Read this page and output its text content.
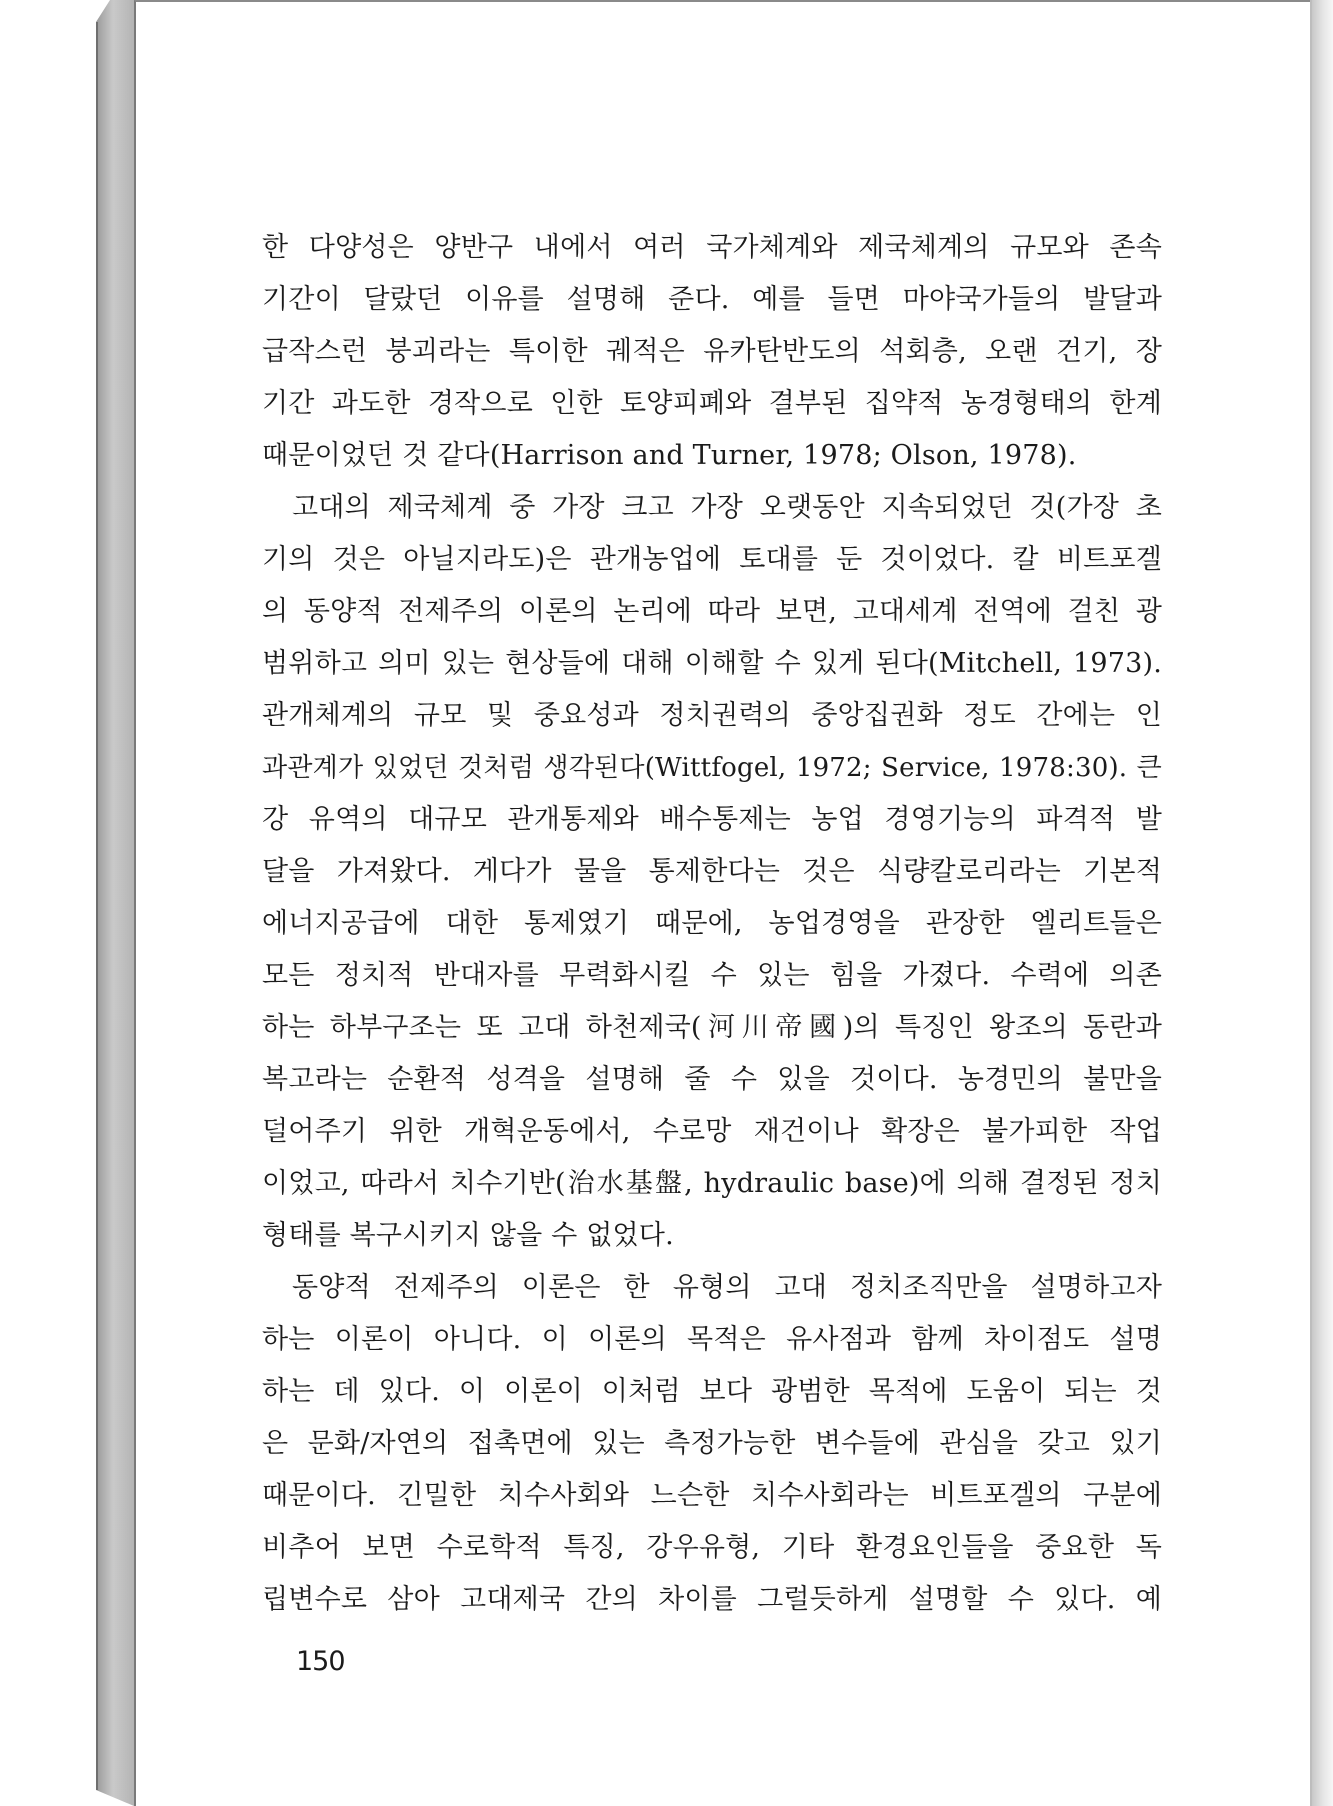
한 다양성은 양반구 내에서 여러 국가체계와 제국체계의 규모와 존속
기간이 달랐던 이유를 설명해 준다. 예를 들면 마야국가들의 발달과
급작스런 붕괴라는 특이한 궤적은 유카탄반도의 석회층, 오랜 건기, 장
기간 과도한 경작으로 인한 토양피폐와 결부된 집약적 농경형태의 한계
때문이었던 것 같다(Harrison and Turner, 1978; Olson, 1978).
고대의 제국체계 중 가장 크고 가장 오랫동안 지속되었던 것(가장 초
기의 것은 아닐지라도)은 관개농업에 토대를 둔 것이었다. 칼 비트포겔
의 동양적 전제주의 이론의 논리에 따라 보면, 고대세계 전역에 걸친 광
범위하고 의미 있는 현상들에 대해 이해할 수 있게 된다(Mitchell, 1973).
관개체계의 규모 및 중요성과 정치권력의 중앙집권화 정도 간에는 인
과관계가 있었던 것처럼 생각된다(Wittfogel, 1972; Service, 1978:30). 큰
강 유역의 대규모 관개통제와 배수통제는 농업 경영기능의 파격적 발
달을 가져왔다. 게다가 물을 통제한다는 것은 식량칼로리라는 기본적
에너지공급에 대한 통제였기 때문에, 농업경영을 관장한 엘리트들은
모든 정치적 반대자를 무력화시킬 수 있는 힘을 가졌다. 수력에 의존
하는 하부구조는 또 고대 하천제국(河川帝國)의 특징인 왕조의 동란과
복고라는 순환적 성격을 설명해 줄 수 있을 것이다. 농경민의 불만을
덜어주기 위한 개혁운동에서, 수로망 재건이나 확장은 불가피한 작업
이었고, 따라서 치수기반(治水基盤, hydraulic base)에 의해 결정된 정치
형태를 복구시키지 않을 수 없었다.
동양적 전제주의 이론은 한 유형의 고대 정치조직만을 설명하고자
하는 이론이 아니다. 이 이론의 목적은 유사점과 함께 차이점도 설명
하는 데 있다. 이 이론이 이처럼 보다 광범한 목적에 도움이 되는 것
은 문화/자연의 접촉면에 있는 측정가능한 변수들에 관심을 갖고 있기
때문이다. 긴밀한 치수사회와 느슨한 치수사회라는 비트포겔의 구분에
비추어 보면 수로학적 특징, 강우유형, 기타 환경요인들을 중요한 독
립변수로 삼아 고대제국 간의 차이를 그럴듯하게 설명할 수 있다. 예
150
